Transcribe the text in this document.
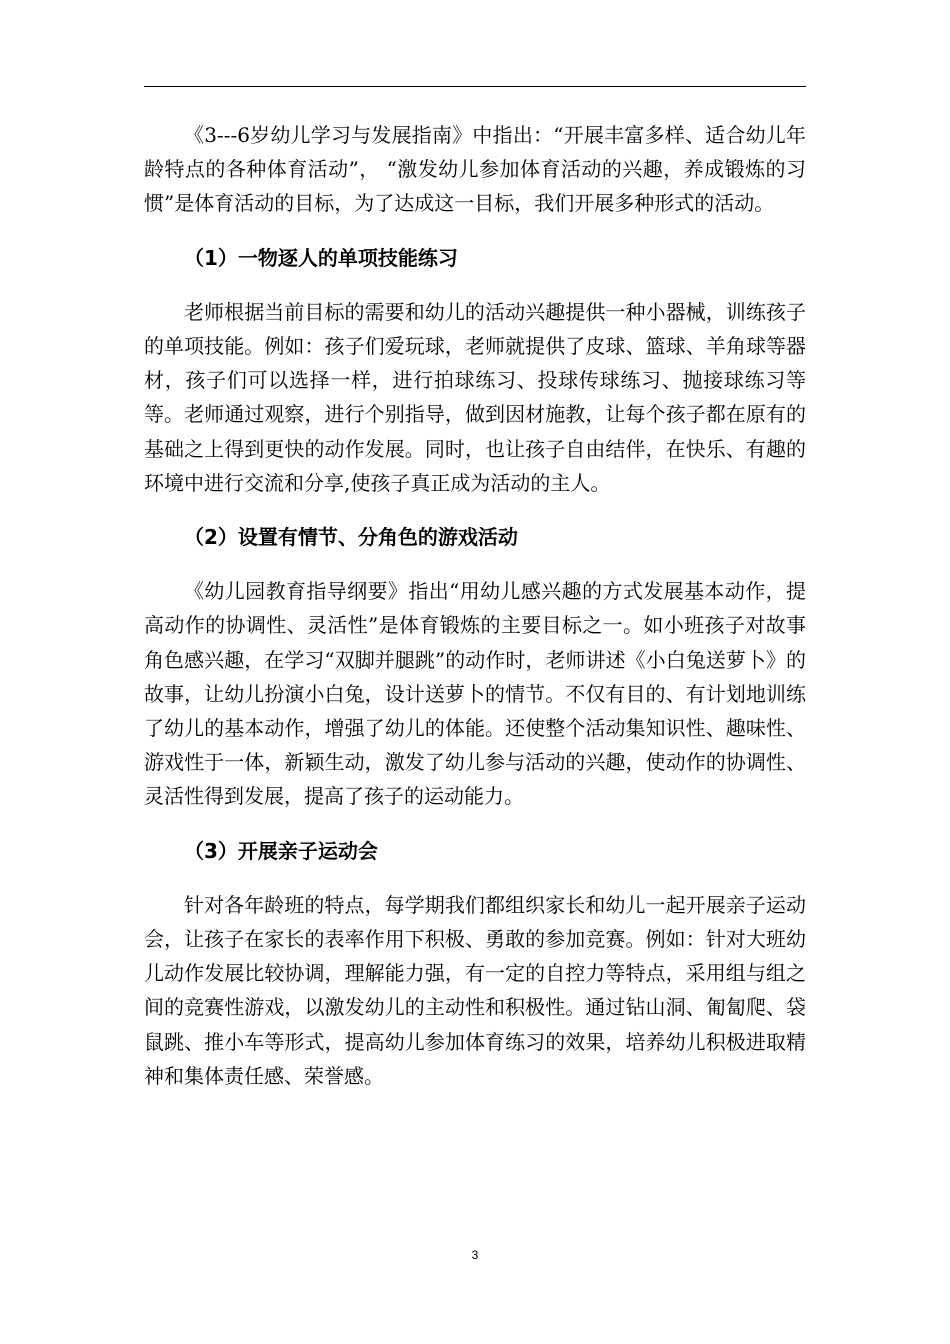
《3---6岁幼儿学习与发展指南》中指出：“开展丰富多样、适合幼儿年龄特点的各种体育活动”， “激发幼儿参加体育活动的兴趣，养成锻炼的习惯”是体育活动的目标，为了达成这一目标，我们开展多种形式的活动。

（1）一物逐人的单项技能练习

老师根据当前目标的需要和幼儿的活动兴趣提供一种小器械，训练孩子的单项技能。例如：孩子们爱玩球，老师就提供了皮球、篮球、羊角球等器材，孩子们可以选择一样，进行拍球练习、投球传球练习、抛接球练习等等。老师通过观察，进行个别指导，做到因材施教，让每个孩子都在原有的基础之上得到更快的动作发展。同时，也让孩子自由结伴，在快乐、有趣的环境中进行交流和分享,使孩子真正成为活动的主人。

（2）设置有情节、分角色的游戏活动

《幼儿园教育指导纲要》指出“用幼儿感兴趣的方式发展基本动作，提高动作的协调性、灵活性”是体育锻炼的主要目标之一。如小班孩子对故事角色感兴趣，在学习“双脚并腿跳”的动作时，老师讲述《小白兔送萝卜》的故事，让幼儿扮演小白兔，设计送萝卜的情节。不仅有目的、有计划地训练了幼儿的基本动作，增强了幼儿的体能。还使整个活动集知识性、趣味性、游戏性于一体，新颖生动，激发了幼儿参与活动的兴趣，使动作的协调性、灵活性得到发展，提高了孩子的运动能力。

（3）开展亲子运动会

针对各年龄班的特点，每学期我们都组织家长和幼儿一起开展亲子运动会，让孩子在家长的表率作用下积极、勇敢的参加竞赛。例如：针对大班幼儿动作发展比较协调，理解能力强，有一定的自控力等特点，采用组与组之间的竞赛性游戏，以激发幼儿的主动性和积极性。通过钻山洞、匍匐爬、袋鼠跳、推小车等形式，提高幼儿参加体育练习的效果，培养幼儿积极进取精神和集体责任感、荣誉感。

3
